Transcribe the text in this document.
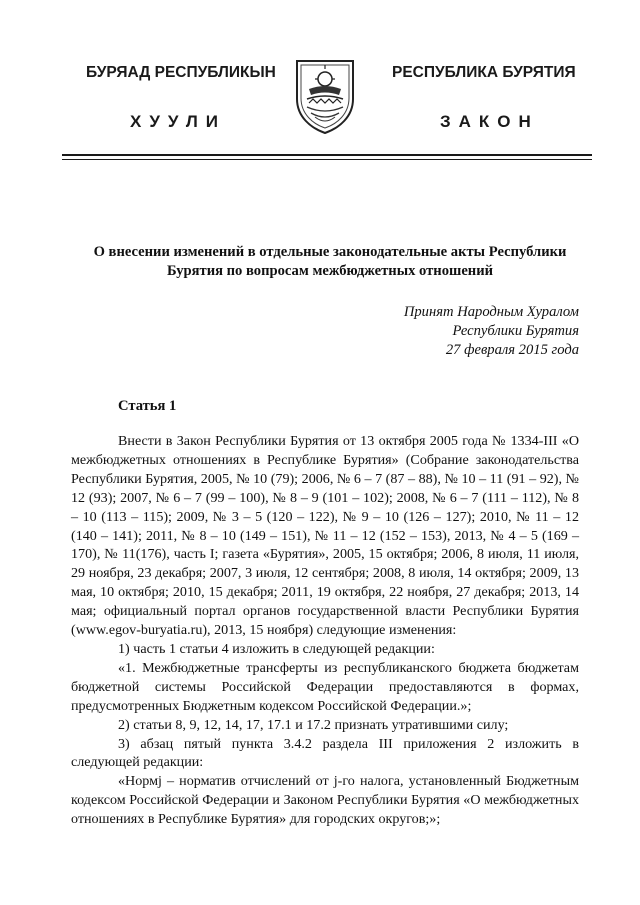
БУРЯАД РЕСПУБЛИКЫН
ХУУЛИ
РЕСПУБЛИКА БУРЯТИЯ
ЗАКОН
О внесении изменений в отдельные законодательные акты Республики Бурятия по вопросам межбюджетных отношений
Принят Народным Хуралом
Республики Бурятия
27 февраля 2015 года
Статья 1

Внести в Закон Республики Бурятия от 13 октября 2005 года № 1334-III «О межбюджетных отношениях в Республике Бурятия» (Собрание законодательства Республики Бурятия, 2005, № 10 (79); 2006, № 6 – 7 (87 – 88), № 10 – 11 (91 – 92), № 12 (93); 2007, № 6 – 7 (99 – 100), № 8 – 9 (101 – 102); 2008, № 6 – 7 (111 – 112), № 8 – 10 (113 – 115); 2009, № 3 – 5 (120 – 122), № 9 – 10 (126 – 127); 2010, № 11 – 12 (140 – 141); 2011, № 8 – 10 (149 – 151), № 11 – 12 (152 – 153), 2013, № 4 – 5 (169 – 170), № 11(176), часть I; газета «Бурятия», 2005, 15 октября; 2006, 8 июля, 11 июля, 29 ноября, 23 декабря; 2007, 3 июля, 12 сентября; 2008, 8 июля, 14 октября; 2009, 13 мая, 10 октября; 2010, 15 декабря; 2011, 19 октября, 22 ноября, 27 декабря; 2013, 14 мая; официальный портал органов государственной власти Республики Бурятия (www.egov-buryatia.ru), 2013, 15 ноября) следующие изменения:

1) часть 1 статьи 4 изложить в следующей редакции:

«1. Межбюджетные трансферты из республиканского бюджета бюджетам бюджетной системы Российской Федерации предоставляются в формах, предусмотренных Бюджетным кодексом Российской Федерации.»;

2) статьи 8, 9, 12, 14, 17, 17.1 и 17.2 признать утратившими силу;

3) абзац пятый пункта 3.4.2 раздела III приложения 2 изложить в следующей редакции:

«Нормj – норматив отчислений от j-го налога, установленный Бюджетным кодексом Российской Федерации и Законом Республики Бурятия «О межбюджетных отношениях в Республике Бурятия» для городских округов;»;
